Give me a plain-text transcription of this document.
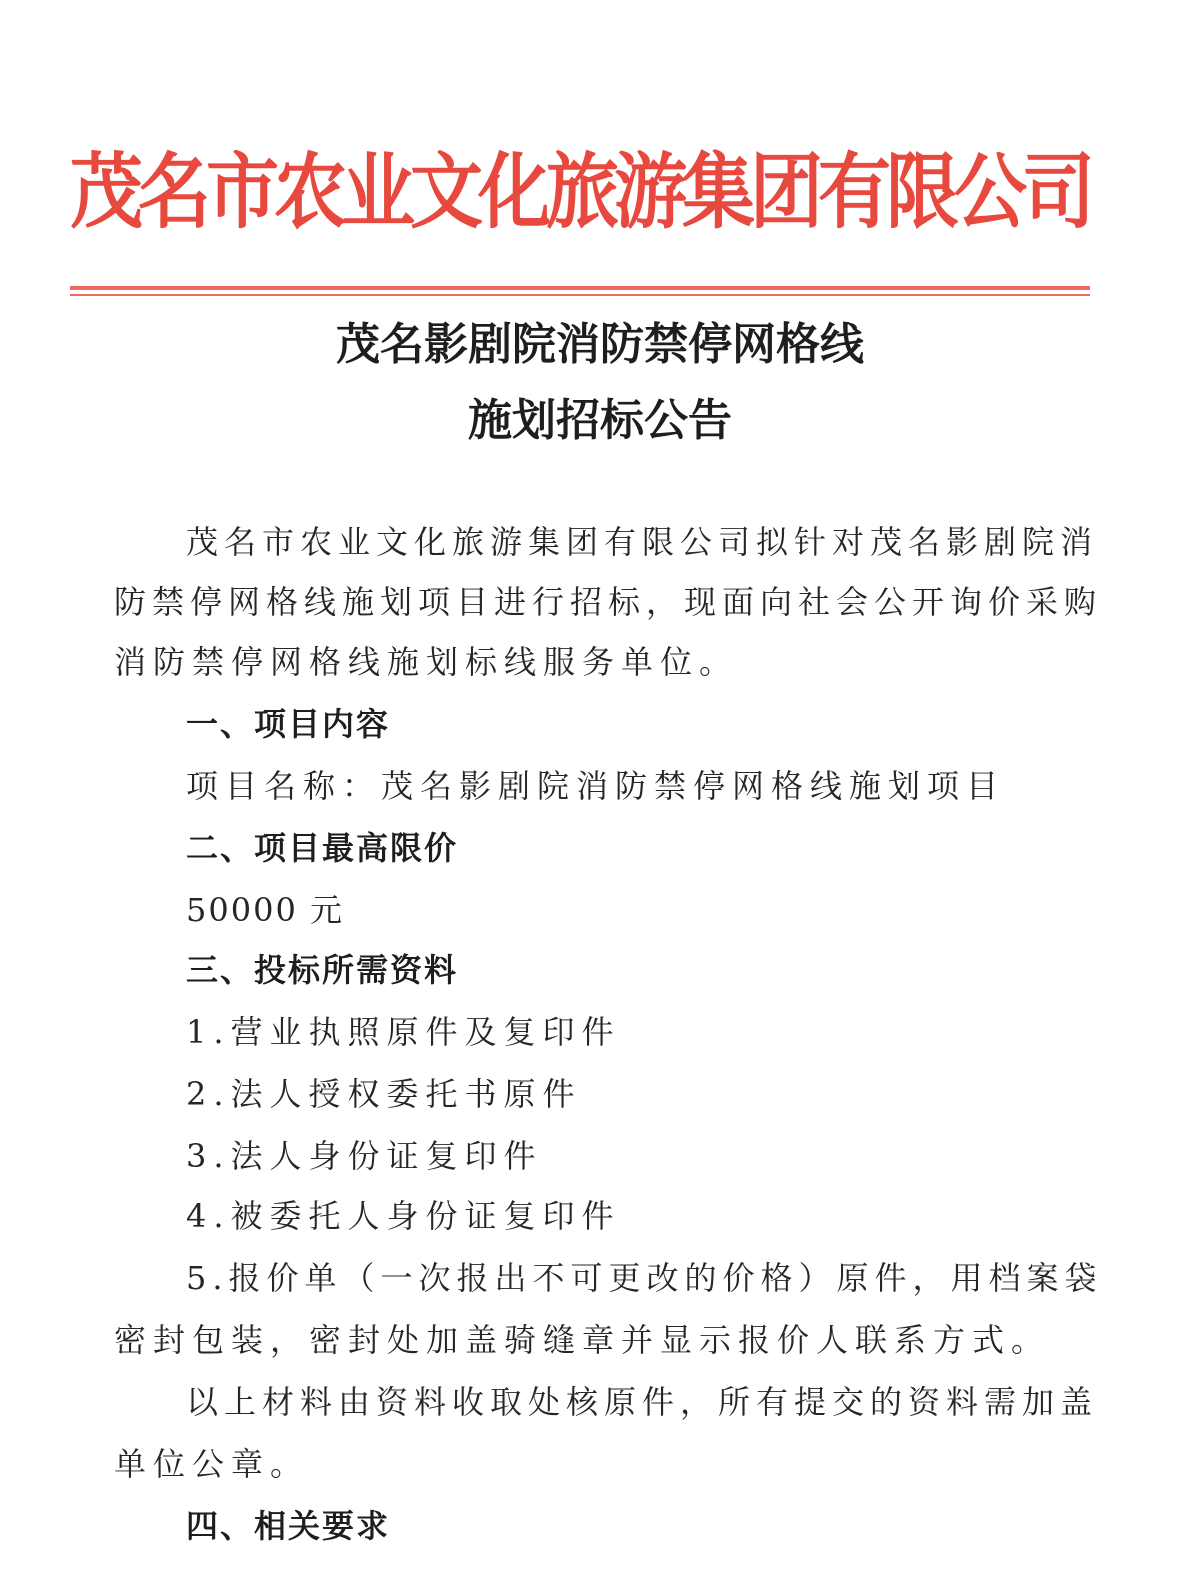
茂名市农业文化旅游集团有限公司
茂名影剧院消防禁停网格线
施划招标公告
茂名市农业文化旅游集团有限公司拟针对茂名影剧院消
防禁停网格线施划项目进行招标，现面向社会公开询价采购
消防禁停网格线施划标线服务单位。
一、项目内容
项目名称：茂名影剧院消防禁停网格线施划项目
二、项目最高限价
50000 元
三、投标所需资料
1.营业执照原件及复印件
2.法人授权委托书原件
3.法人身份证复印件
4.被委托人身份证复印件
5.报价单（一次报出不可更改的价格）原件，用档案袋
密封包装，密封处加盖骑缝章并显示报价人联系方式。
以上材料由资料收取处核原件，所有提交的资料需加盖
单位公章。
四、相关要求
